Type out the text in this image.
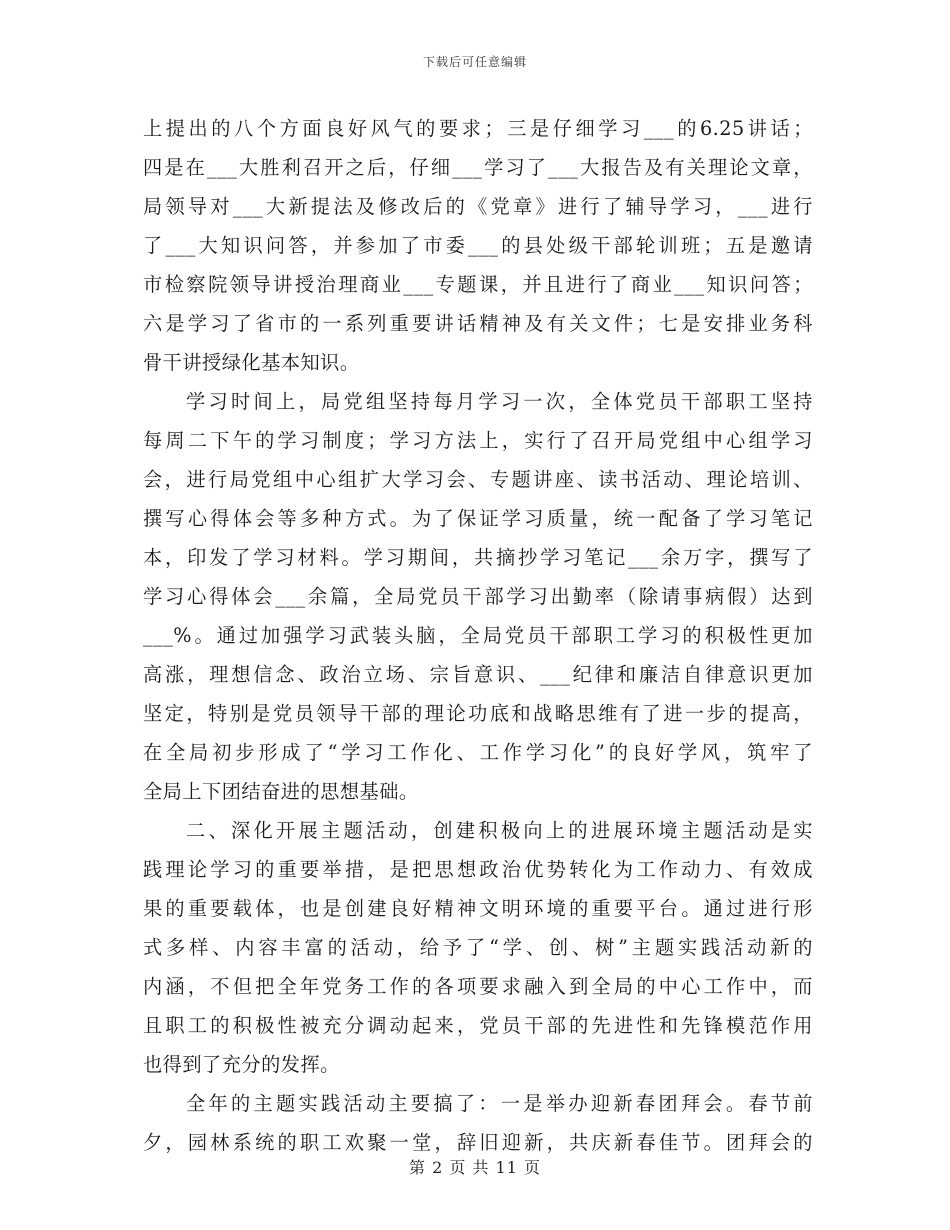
下载后可任意编辑
上提出的八个方面良好风气的要求；三是仔细学习___的6.25讲话；
四是在___大胜利召开之后，仔细___学习了___大报告及有关理论文章，
局领导对___大新提法及修改后的《党章》进行了辅导学习，___进行
了___大知识问答，并参加了市委___的县处级干部轮训班；五是邀请
市检察院领导讲授治理商业___专题课，并且进行了商业___知识问答；
六是学习了省市的一系列重要讲话精神及有关文件；七是安排业务科
骨干讲授绿化基本知识。
学习时间上，局党组坚持每月学习一次，全体党员干部职工坚持
每周二下午的学习制度；学习方法上，实行了召开局党组中心组学习
会，进行局党组中心组扩大学习会、专题讲座、读书活动、理论培训、
撰写心得体会等多种方式。为了保证学习质量，统一配备了学习笔记
本，印发了学习材料。学习期间，共摘抄学习笔记___余万字，撰写了
学习心得体会___余篇，全局党员干部学习出勤率（除请事病假）达到
___%。通过加强学习武装头脑，全局党员干部职工学习的积极性更加
高涨，理想信念、政治立场、宗旨意识、___纪律和廉洁自律意识更加
坚定，特别是党员领导干部的理论功底和战略思维有了进一步的提高，
在全局初步形成了“学习工作化、工作学习化”的良好学风，筑牢了
全局上下团结奋进的思想基础。
二、深化开展主题活动，创建积极向上的进展环境主题活动是实
践理论学习的重要举措，是把思想政治优势转化为工作动力、有效成
果的重要载体，也是创建良好精神文明环境的重要平台。通过进行形
式多样、内容丰富的活动，给予了“学、创、树”主题实践活动新的
内涵，不但把全年党务工作的各项要求融入到全局的中心工作中，而
且职工的积极性被充分调动起来，党员干部的先进性和先锋模范作用
也得到了充分的发挥。
全年的主题实践活动主要搞了：一是举办迎新春团拜会。春节前
夕，园林系统的职工欢聚一堂，辞旧迎新，共庆新春佳节。团拜会的
第 2 页 共 11 页
